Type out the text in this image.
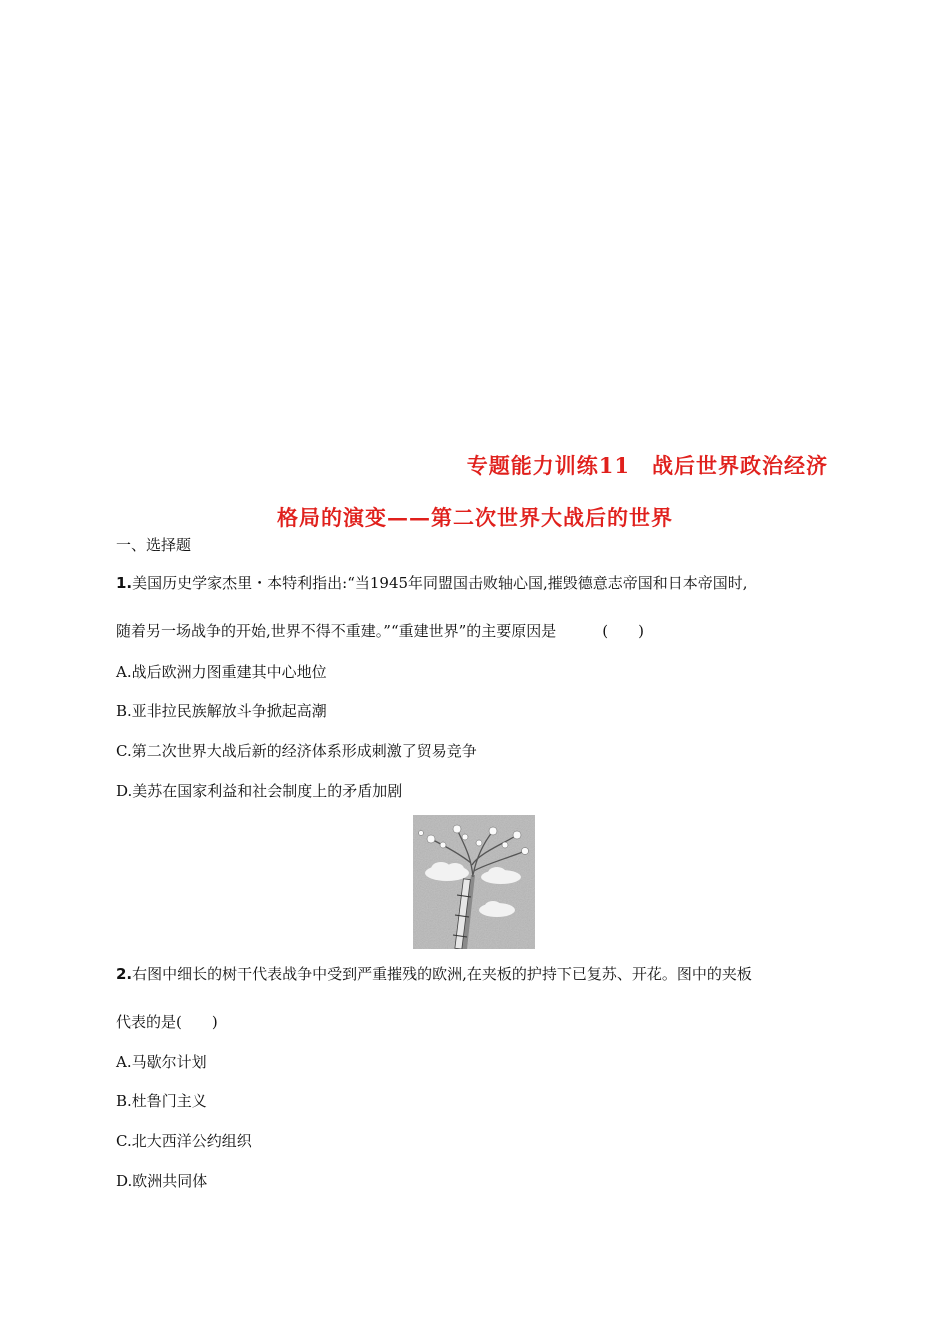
专题能力训练11　战后世界政治经济
格局的演变——第二次世界大战后的世界
一、选择题
1.美国历史学家杰里・本特利指出:“当1945年同盟国击败轴心国,摧毁德意志帝国和日本帝国时,
随着另一场战争的开始,世界不得不重建。”“重建世界”的主要原因是	(　　)
A.战后欧洲力图重建其中心地位
B.亚非拉民族解放斗争掀起高潮
C.第二次世界大战后新的经济体系形成刺激了贸易竞争
D.美苏在国家利益和社会制度上的矛盾加剧
2.右图中细长的树干代表战争中受到严重摧残的欧洲,在夹板的护持下已复苏、开花。图中的夹板
代表的是(　　)
A.马歇尔计划
B.杜鲁门主义
C.北大西洋公约组织
D.欧洲共同体
